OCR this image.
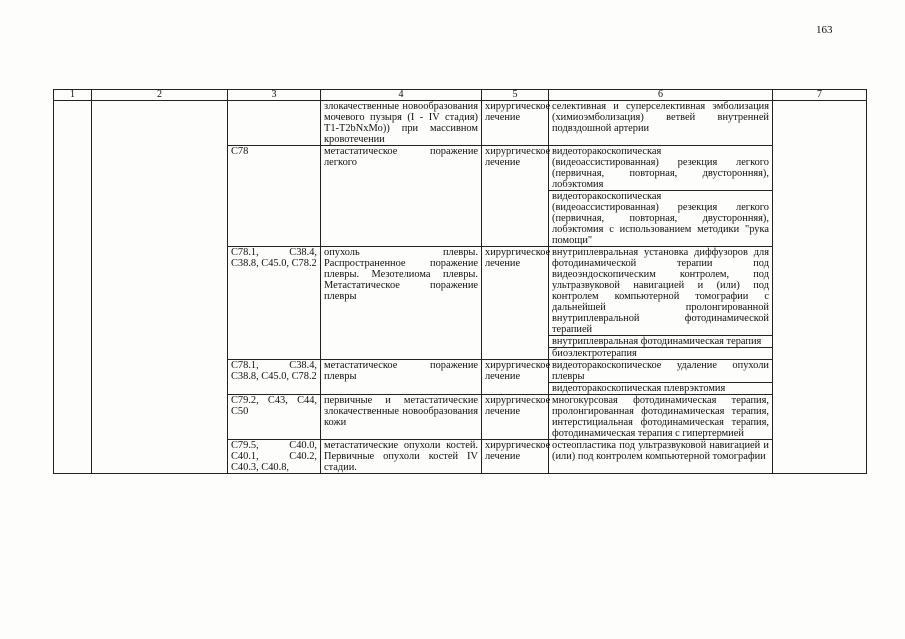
163
1	2	3	4	5	6	7
			злокачественные новообразования мочевого пузыря (I - IV стадия) T1-T2bNxMo)) при массивном кровотечении	хирургическое лечение	селективная и суперселективная эмболизация (химиоэмболизация) ветвей внутренней подвздошной артерии	
		C78	метастатическое поражение легкого	хирургическое лечение	видеоторакоскопическая (видеоассистированная) резекция легкого (первичная, повторная, двусторонняя), лобэктомия	
					видеоторакоскопическая (видеоассистированная) резекция легкого (первичная, повторная, двусторонняя), лобэктомия с использованием методики "рука помощи"	
		C78.1, C38.4, C38.8, C45.0, C78.2	опухоль плевры. Распространенное поражение плевры. Мезотелиома плевры. Метастатическое поражение плевры	хирургическое лечение	внутриплевральная установка диффузоров для фотодинамической терапии под видеоэндоскопическим контролем, под ультразвуковой навигацией и (или) под контролем компьютерной томографии с дальнейшей пролонгированной внутриплевральной фотодинамической терапией	
					внутриплевральная фотодинамическая терапия	
					биоэлектротерапия	
		C78.1, C38.4, C38.8, C45.0, C78.2	метастатическое поражение плевры	хирургическое лечение	видеоторакоскопическое удаление опухоли плевры	
					видеоторакоскопическая плеврэктомия	
		C79.2, C43, C44, C50	первичные и метастатические злокачественные новообразования кожи	хирургическое лечение	многокурсовая фотодинамическая терапия, пролонгированная фотодинамическая терапия, интерстициальная фотодинамическая терапия, фотодинамическая терапия с гипертермией	
		C79.5, C40.0, C40.1, C40.2, C40.3, C40.8,	метастатические опухоли костей. Первичные опухоли костей IV стадии.	хирургическое лечение	остеопластика под ультразвуковой навигацией и (или) под контролем компьютерной томографии	
